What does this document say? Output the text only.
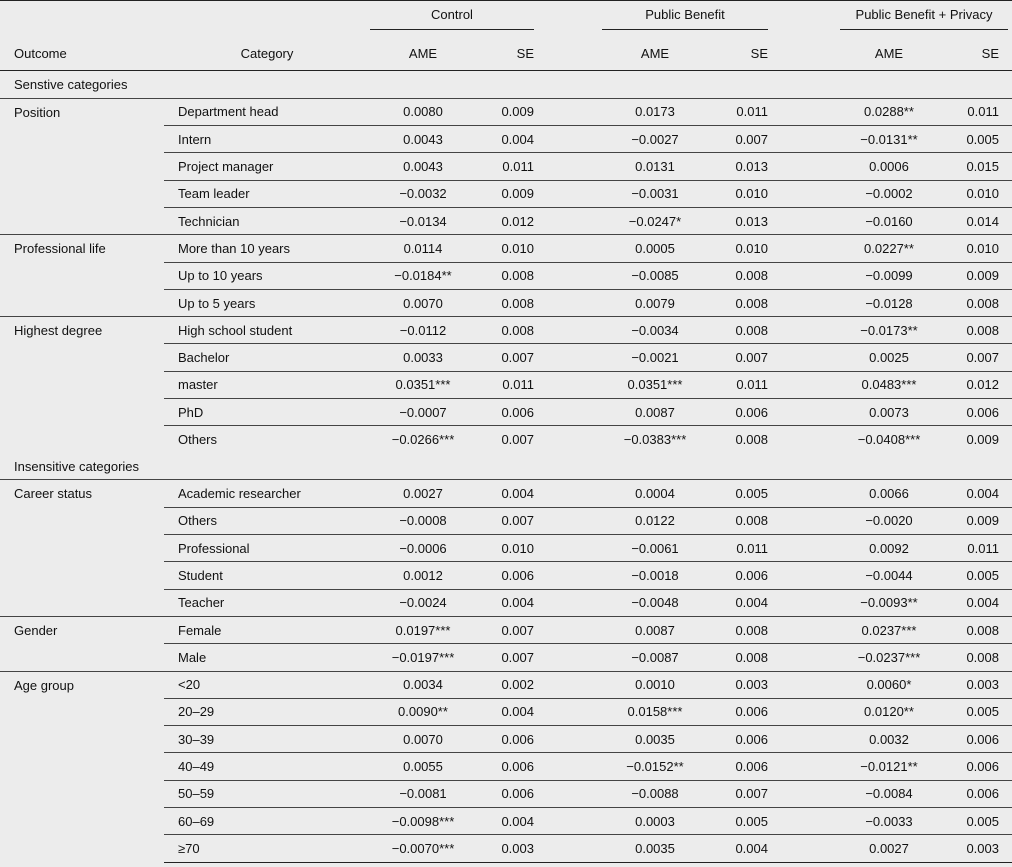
		Control			Public Benefit			Public Benefit + Privacy	
Outcome	Category	AME	SE		AME	SE		AME	SE
Senstive categories									
Position	Department head	0.0080	0.009		0.0173	0.011		0.0288**	0.011
	Intern	0.0043	0.004		−0.0027	0.007		−0.0131**	0.005
	Project manager	0.0043	0.011		0.0131	0.013		0.0006	0.015
	Team leader	−0.0032	0.009		−0.0031	0.010		−0.0002	0.010
	Technician	−0.0134	0.012		−0.0247*	0.013		−0.0160	0.014
Professional life	More than 10 years	0.0114	0.010		0.0005	0.010		0.0227**	0.010
	Up to 10 years	−0.0184**	0.008		−0.0085	0.008		−0.0099	0.009
	Up to 5 years	0.0070	0.008		0.0079	0.008		−0.0128	0.008
Highest degree	High school student	−0.0112	0.008		−0.0034	0.008		−0.0173**	0.008
	Bachelor	0.0033	0.007		−0.0021	0.007		0.0025	0.007
	master	0.0351***	0.011		0.0351***	0.011		0.0483***	0.012
	PhD	−0.0007	0.006		0.0087	0.006		0.0073	0.006
	Others	−0.0266***	0.007		−0.0383***	0.008		−0.0408***	0.009
Insensitive categories									
Career status	Academic researcher	0.0027	0.004		0.0004	0.005		0.0066	0.004
	Others	−0.0008	0.007		0.0122	0.008		−0.0020	0.009
	Professional	−0.0006	0.010		−0.0061	0.011		0.0092	0.011
	Student	0.0012	0.006		−0.0018	0.006		−0.0044	0.005
	Teacher	−0.0024	0.004		−0.0048	0.004		−0.0093**	0.004
Gender	Female	0.0197***	0.007		0.0087	0.008		0.0237***	0.008
	Male	−0.0197***	0.007		−0.0087	0.008		−0.0237***	0.008
Age group	<20	0.0034	0.002		0.0010	0.003		0.0060*	0.003
	20–29	0.0090**	0.004		0.0158***	0.006		0.0120**	0.005
	30–39	0.0070	0.006		0.0035	0.006		0.0032	0.006
	40–49	0.0055	0.006		−0.0152**	0.006		−0.0121**	0.006
	50–59	−0.0081	0.006		−0.0088	0.007		−0.0084	0.006
	60–69	−0.0098***	0.004		0.0003	0.005		−0.0033	0.005
	≥70	−0.0070***	0.003		0.0035	0.004		0.0027	0.003
